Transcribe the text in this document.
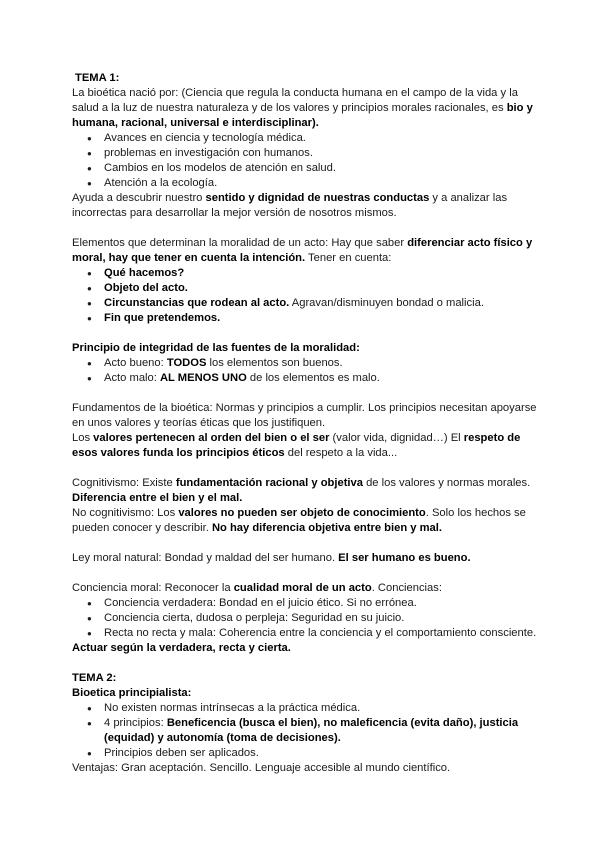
TEMA 1:

La bioética nació por: (Ciencia que regula la conducta humana en el campo de la vida y la salud a la luz de nuestra naturaleza y de los valores y principios morales racionales, es bio y humana, racional, universal e interdisciplinar).

● Avances en ciencia y tecnología médica.
● problemas en investigación con humanos.
● Cambios en los modelos de atención en salud.
● Atención a la ecología.

Ayuda a descubrir nuestro sentido y dignidad de nuestras conductas y a analizar las incorrectas para desarrollar la mejor versión de nosotros mismos.

Elementos que determinan la moralidad de un acto: Hay que saber diferenciar acto físico y moral, hay que tener en cuenta la intención. Tener en cuenta:

● Qué hacemos?
● Objeto del acto.
● Circunstancias que rodean al acto. Agravan/disminuyen bondad o malicia.
● Fin que pretendemos.

Principio de integridad de las fuentes de la moralidad:

● Acto bueno: TODOS los elementos son buenos.
● Acto malo: AL MENOS UNO de los elementos es malo.

Fundamentos de la bioética: Normas y principios a cumplir. Los principios necesitan apoyarse en unos valores y teorías éticas que los justifiquen.

Los valores pertenecen al orden del bien o el ser (valor vida, dignidad…) El respeto de esos valores funda los principios éticos del respeto a la vida...

Cognitivismo: Existe fundamentación racional y objetiva de los valores y normas morales. Diferencia entre el bien y el mal.

No cognitivismo: Los valores no pueden ser objeto de conocimiento. Solo los hechos se pueden conocer y describir. No hay diferencia objetiva entre bien y mal.

Ley moral natural: Bondad y maldad del ser humano. El ser humano es bueno.

Conciencia moral: Reconocer la cualidad moral de un acto. Conciencias:

● Conciencia verdadera: Bondad en el juicio ético. Si no errónea.
● Conciencia cierta, dudosa o perpleja: Seguridad en su juicio.
● Recta no recta y mala: Coherencia entre la conciencia y el comportamiento consciente.

Actuar según la verdadera, recta y cierta.

TEMA 2:

Bioetica principialista:

● No existen normas intrínsecas a la práctica médica.
● 4 principios: Beneficencia (busca el bien), no maleficencia (evita daño), justicia (equidad) y autonomía (toma de decisiones).
● Principios deben ser aplicados.

Ventajas: Gran aceptación. Sencillo. Lenguaje accesible al mundo científico.
